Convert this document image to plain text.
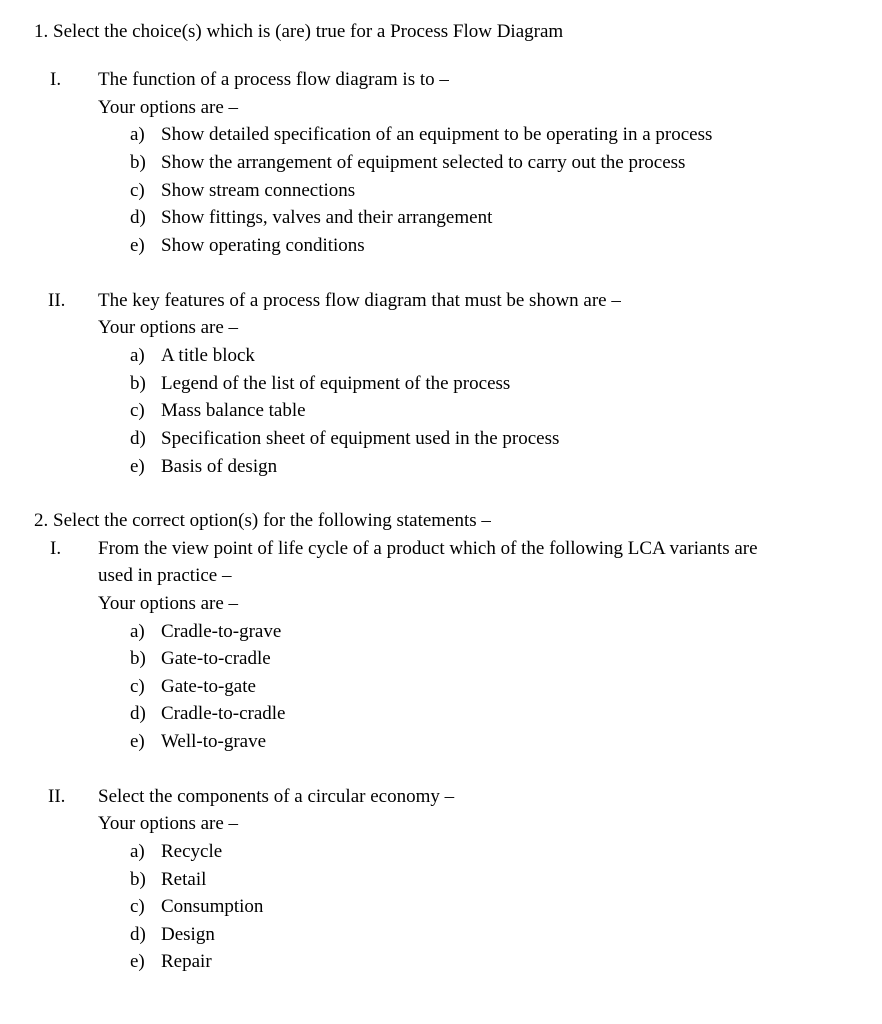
1. Select the choice(s) which is (are) true for a Process Flow Diagram
I. The function of a process flow diagram is to –
Your options are –
a) Show detailed specification of an equipment to be operating in a process
b) Show the arrangement of equipment selected to carry out the process
c) Show stream connections
d) Show fittings, valves and their arrangement
e) Show operating conditions
II. The key features of a process flow diagram that must be shown are –
Your options are –
a) A title block
b) Legend of the list of equipment of the process
c) Mass balance table
d) Specification sheet of equipment used in the process
e) Basis of design
2. Select the correct option(s) for the following statements –
I. From the view point of life cycle of a product which of the following LCA variants are
used in practice –
Your options are –
a) Cradle-to-grave
b) Gate-to-cradle
c) Gate-to-gate
d) Cradle-to-cradle
e) Well-to-grave
II. Select the components of a circular economy –
Your options are –
a) Recycle
b) Retail
c) Consumption
d) Design
e) Repair
